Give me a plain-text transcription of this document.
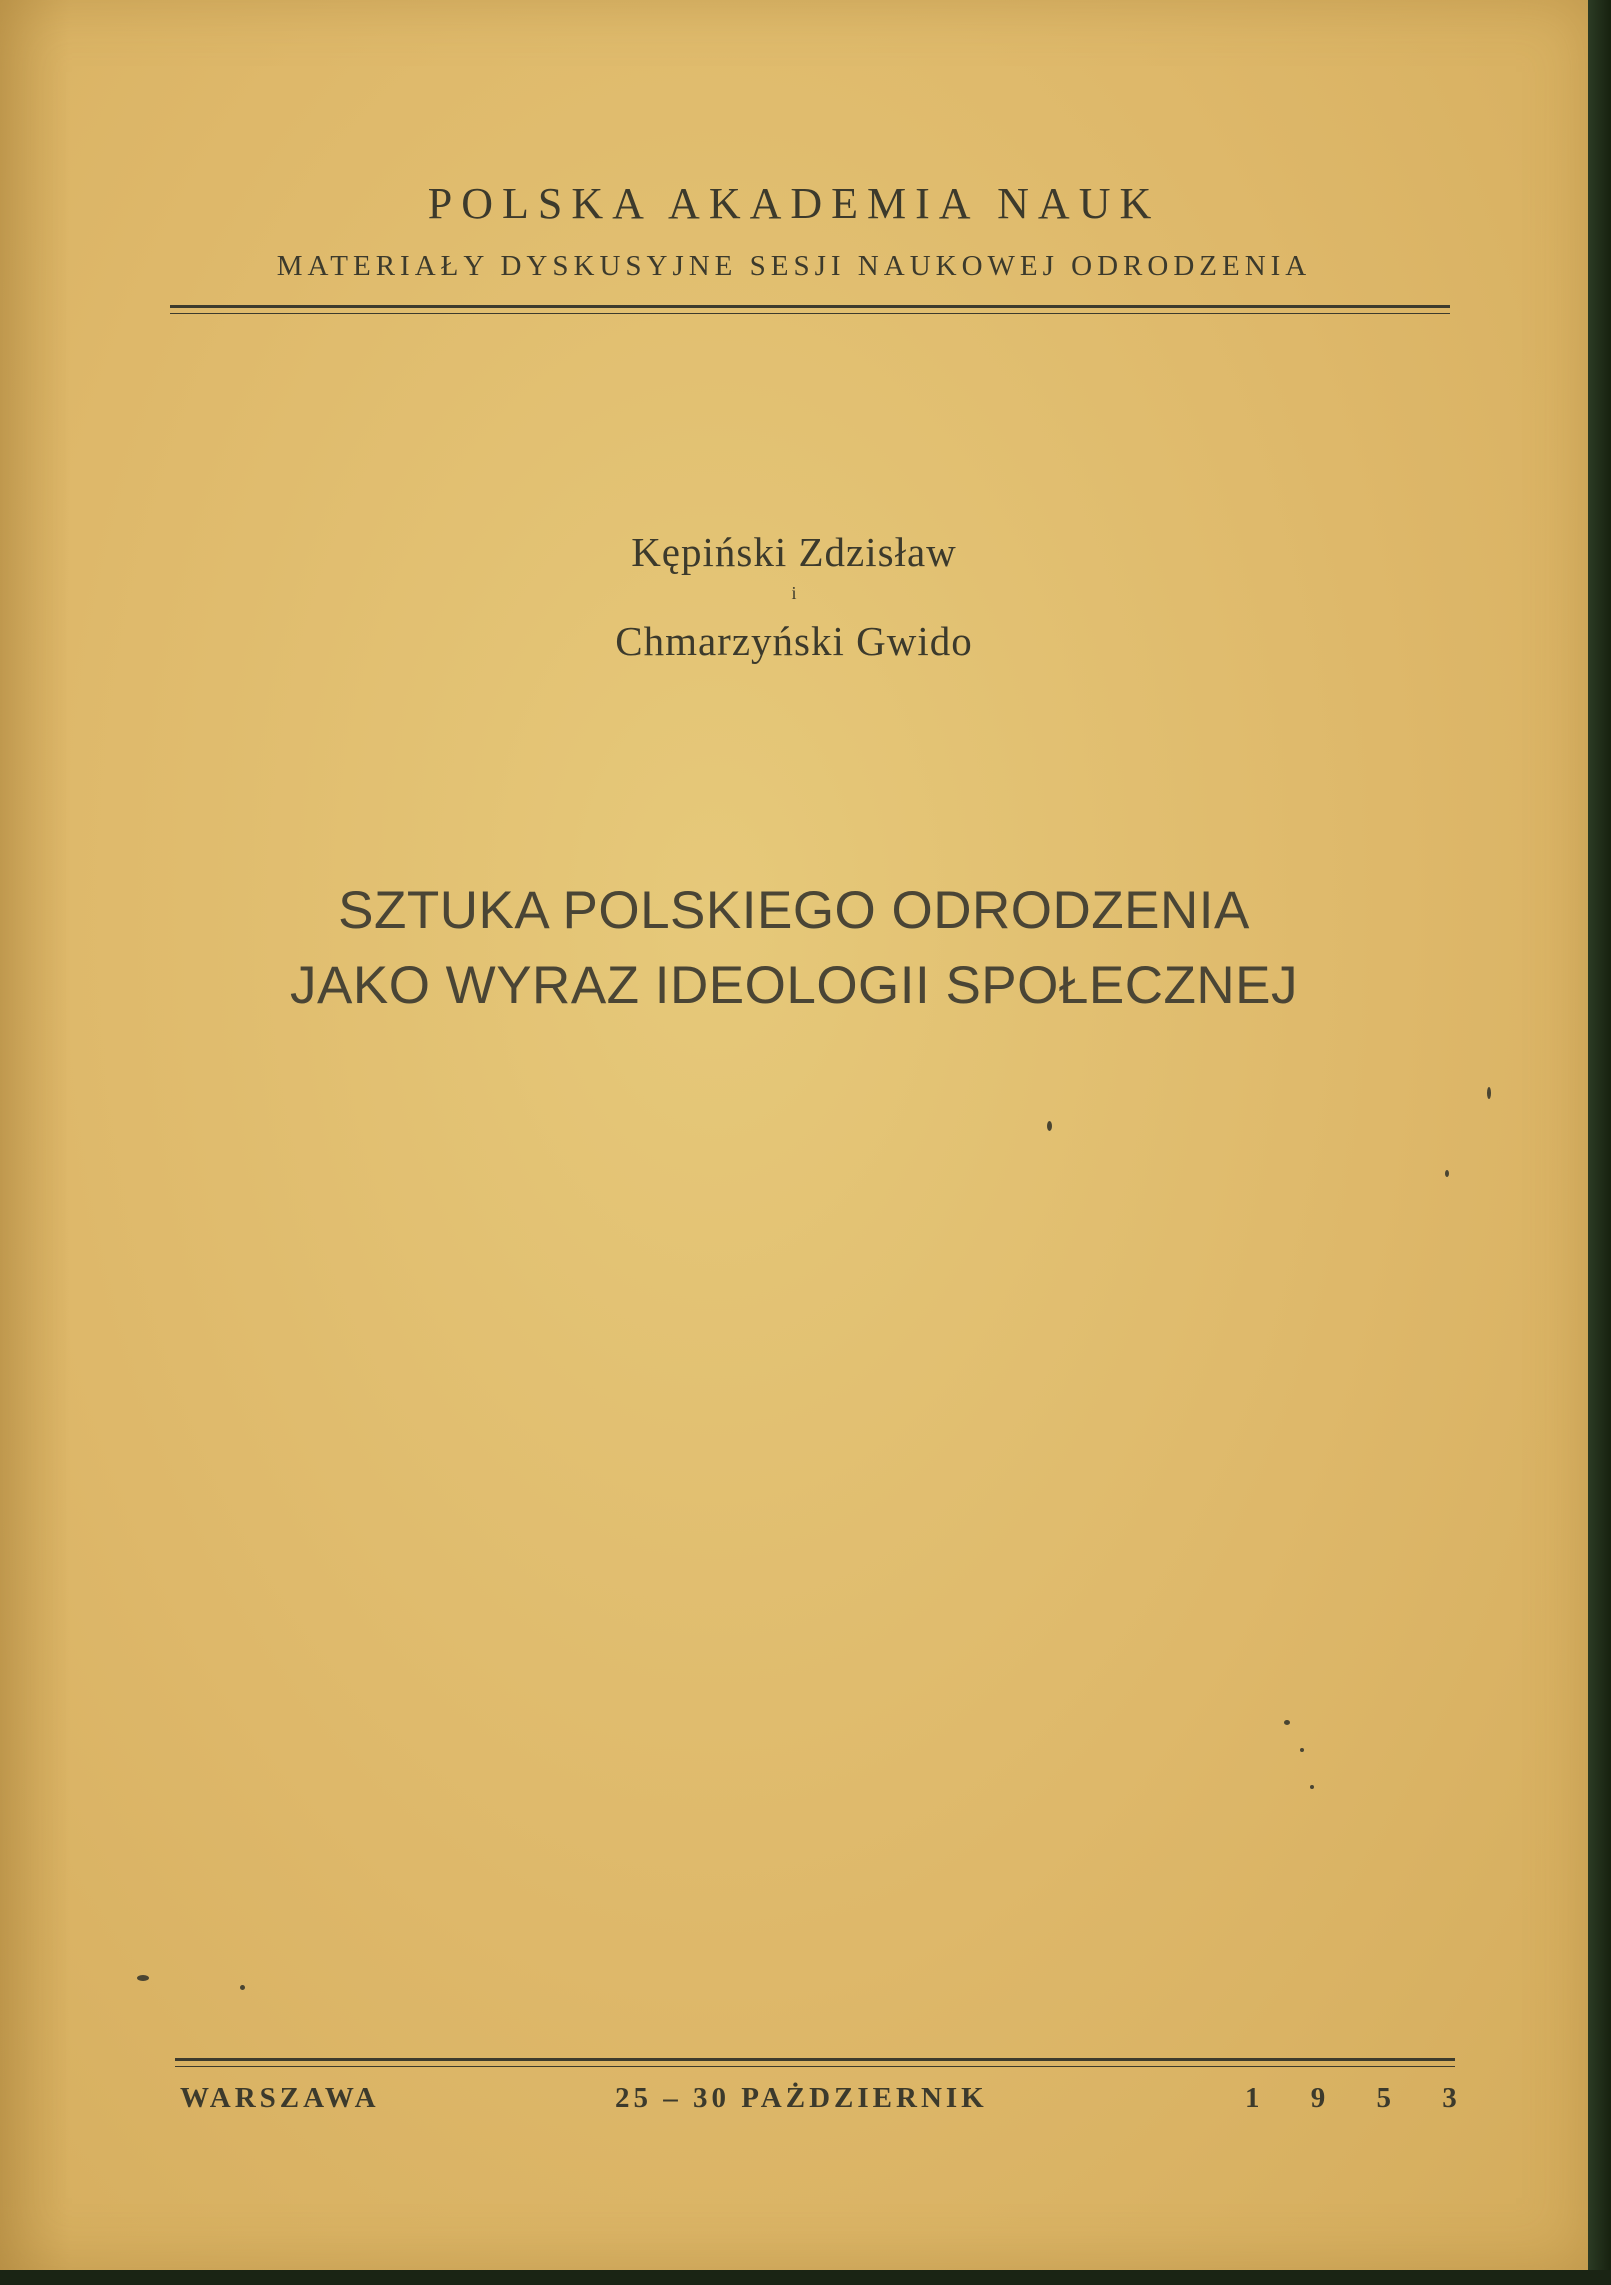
POLSKA AKADEMIA NAUK
MATERIAŁY DYSKUSYJNE SESJI NAUKOWEJ ODRODZENIA
Kępiński Zdzisław
i
Chmarzyński Gwido
SZTUKA POLSKIEGO ODRODZENIA
JAKO WYRAZ IDEOLOGII SPOŁECZNEJ
WARSZAWA	25 – 30 PAŻDZIERNIK	1 9 5 3
